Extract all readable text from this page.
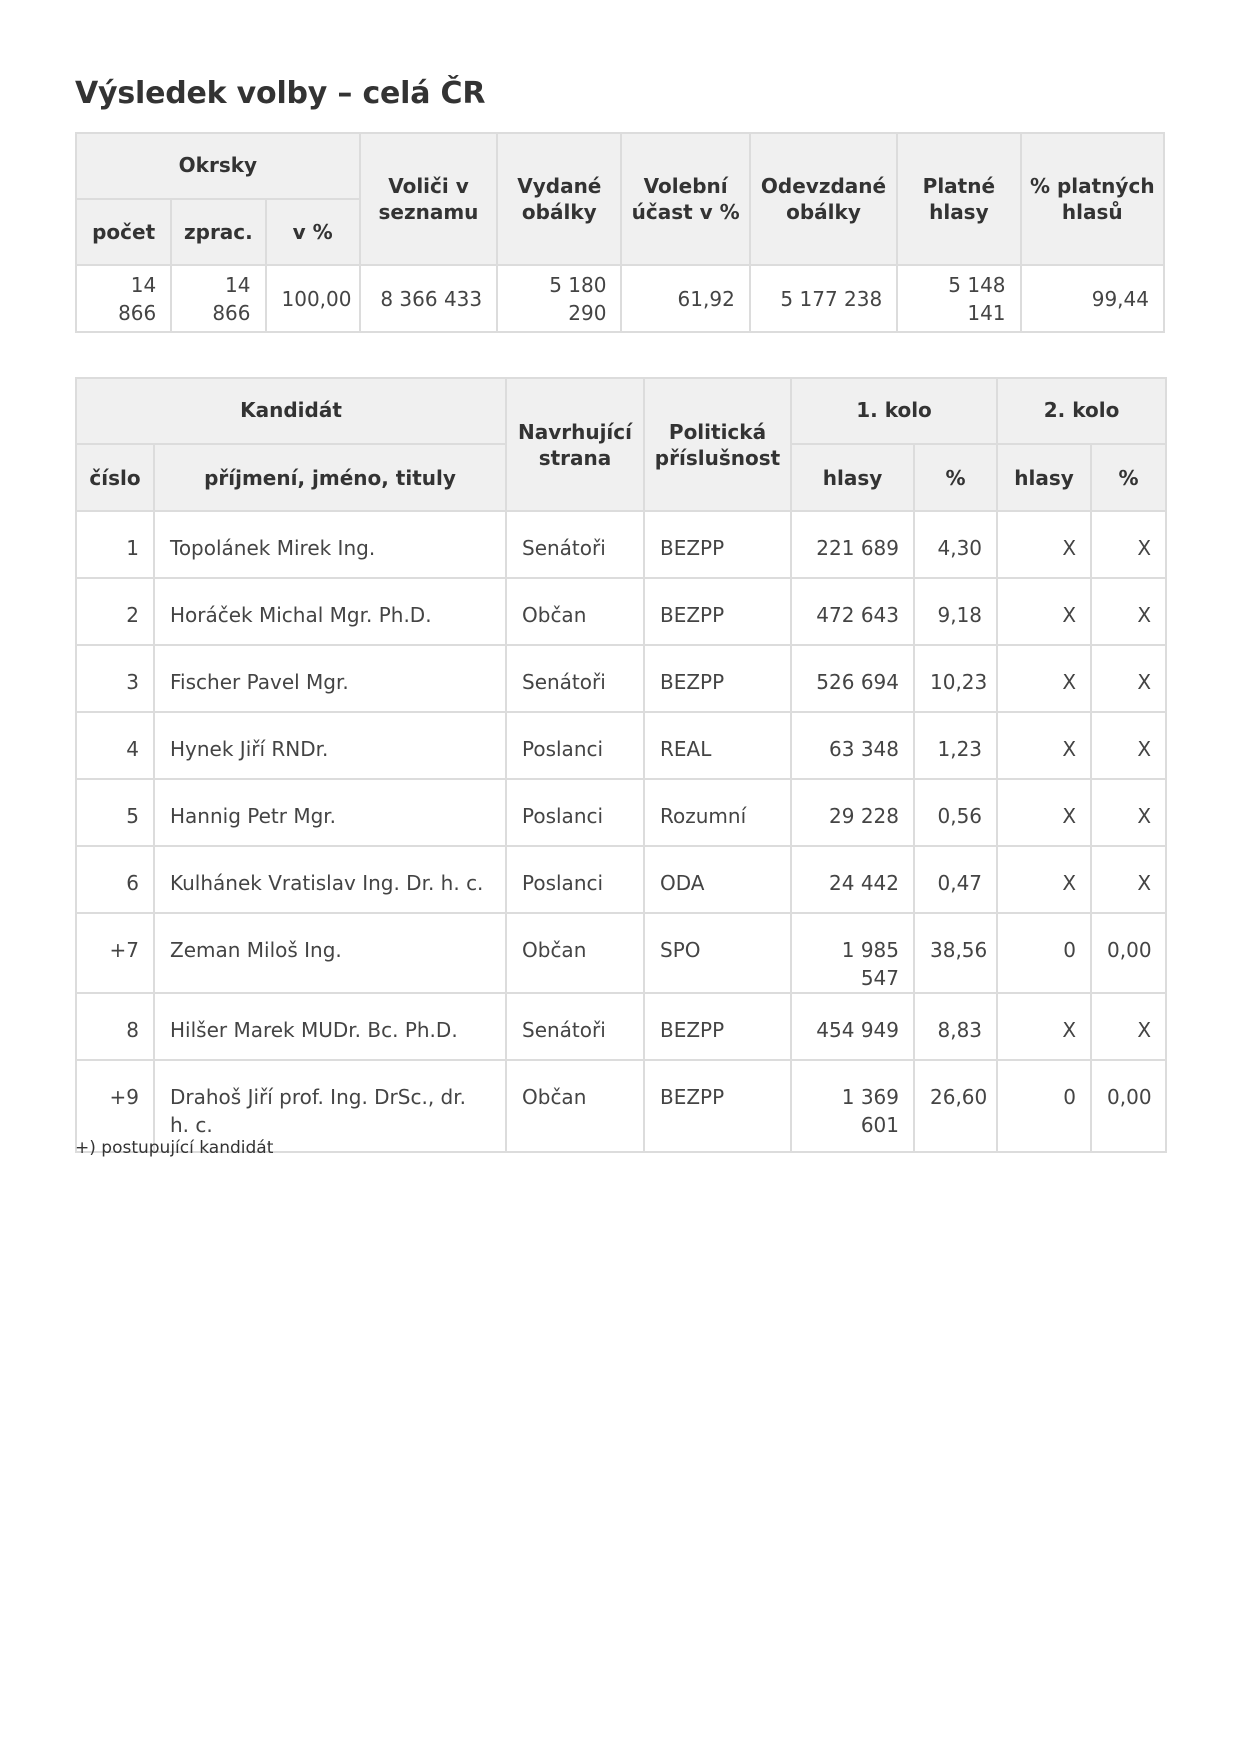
Výsledek volby – celá ČR
Okrsky			Voliči v seznamu	Vydané obálky	Volební účast v %	Odevzdané obálky	Platné hlasy	% platných hlasů
počet	zprac.	v %						
14 866	14 866	100,00	8 366 433	5 180 290	61,92	5 177 238	5 148 141	99,44
Kandidát		Navrhující strana	Politická příslušnost	1. kolo		2. kolo	
číslo	příjmení, jméno, tituly			hlasy	%	hlasy	%
1	Topolánek Mirek Ing.	Senátoři	BEZPP	221 689	4,30	X	X
2	Horáček Michal Mgr. Ph.D.	Občan	BEZPP	472 643	9,18	X	X
3	Fischer Pavel Mgr.	Senátoři	BEZPP	526 694	10,23	X	X
4	Hynek Jiří RNDr.	Poslanci	REAL	63 348	1,23	X	X
5	Hannig Petr Mgr.	Poslanci	Rozumní	29 228	0,56	X	X
6	Kulhánek Vratislav Ing. Dr. h. c.	Poslanci	ODA	24 442	0,47	X	X
+7	Zeman Miloš Ing.	Občan	SPO	1 985 547	38,56	0	0,00
8	Hilšer Marek MUDr. Bc. Ph.D.	Senátoři	BEZPP	454 949	8,83	X	X
+9	Drahoš Jiří prof. Ing. DrSc., dr. h. c.	Občan	BEZPP	1 369 601	26,60	0	0,00

+) postupující kandidát
